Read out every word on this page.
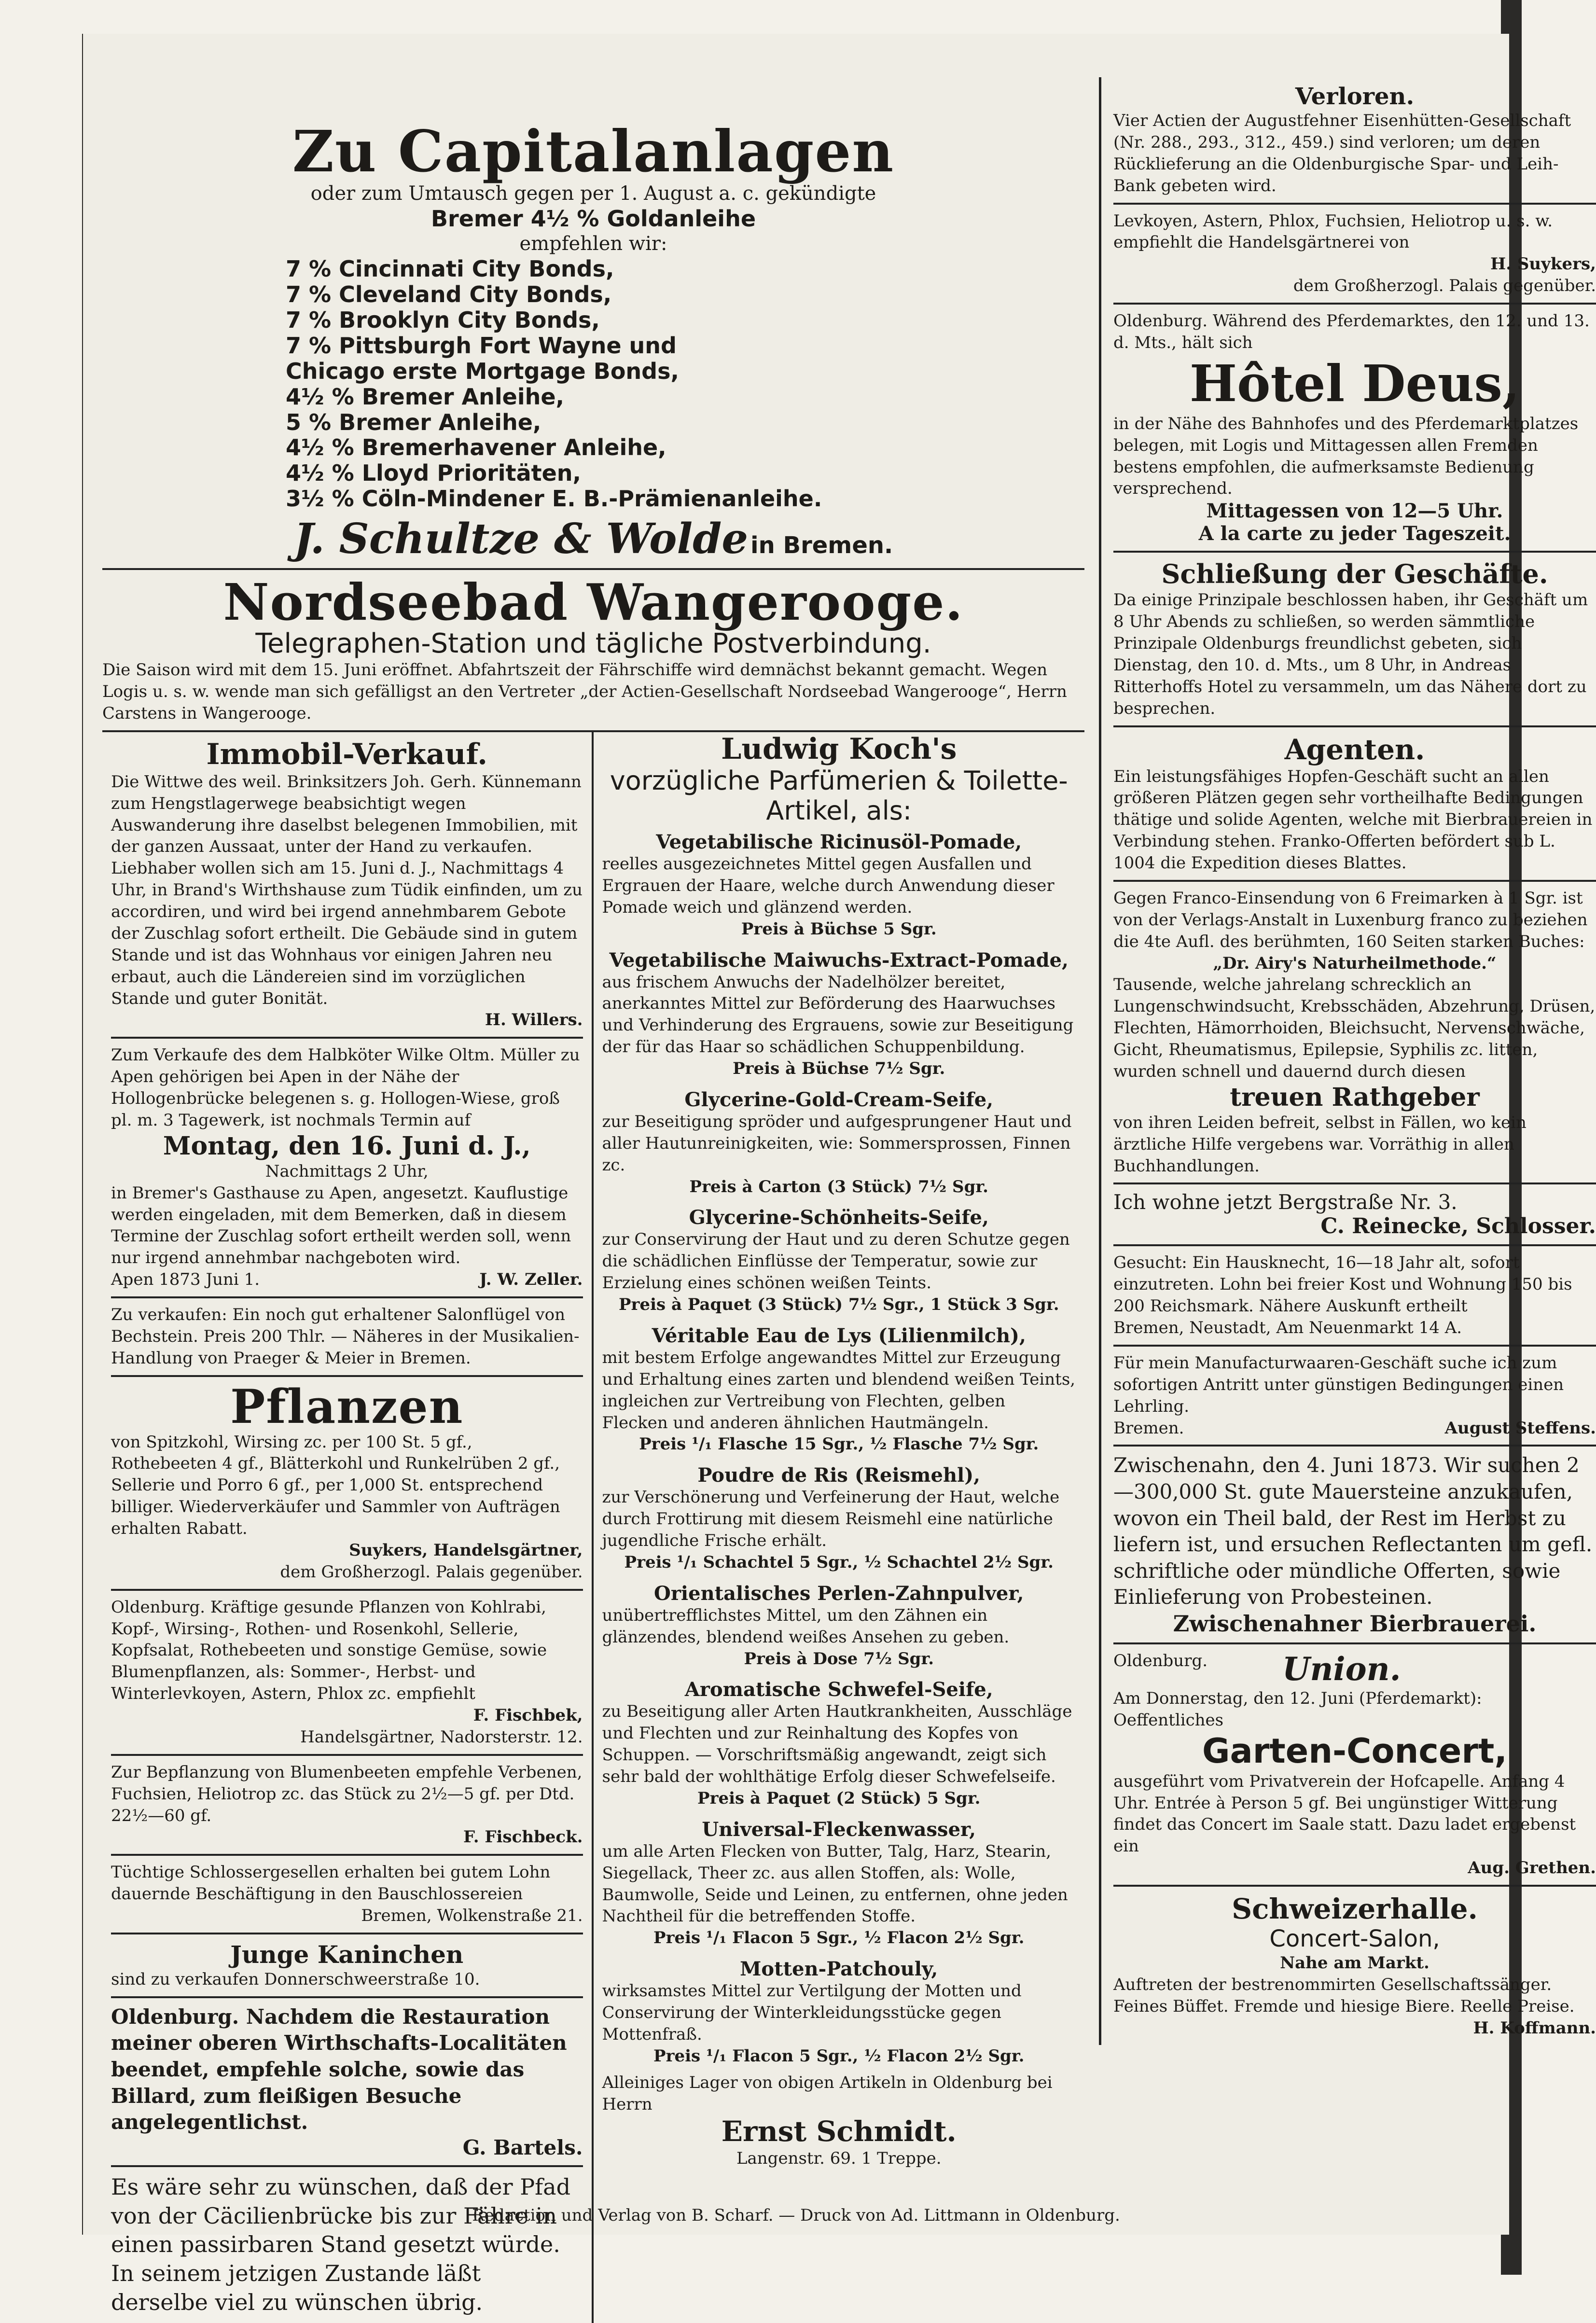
Zu Capitalanlagen
oder zum Umtausch gegen per 1. August a. c. gekündigte
Bremer 4½ % Goldanleihe
empfehlen wir:
7 % Cincinnati City Bonds,
7 % Cleveland City Bonds,
7 % Brooklyn City Bonds,
7 % Pittsburgh Fort Wayne und
Chicago erste Mortgage Bonds,
4½ % Bremer Anleihe,
5 % Bremer Anleihe,
4½ % Bremerhavener Anleihe,
4½ % Lloyd Prioritäten,
3½ % Cöln-Mindener E. B.-Prämienanleihe.
J. Schultze & Wolde in Bremen.
Nordseebad Wangerooge.
Telegraphen-Station und tägliche Postverbindung.
Die Saison wird mit dem 15. Juni eröffnet. Abfahrtszeit der Fährschiffe wird demnächst bekannt gemacht. Wegen Logis u. s. w. wende man sich gefälligst an den Vertreter „der Actien-Gesellschaft Nordseebad Wangerooge“, Herrn Carstens in Wangerooge.
Immobil-Verkauf.
Die Wittwe des weil. Brinksitzers Joh. Gerh. Künnemann zum Hengstlagerwege beabsichtigt wegen Auswanderung ihre daselbst belegenen Immobilien, mit der ganzen Aussaat, unter der Hand zu verkaufen. Liebhaber wollen sich am 15. Juni d. J., Nachmittags 4 Uhr, in Brand's Wirthshause zum Tüdik einfinden, um zu accordiren, und wird bei irgend annehmbarem Gebote der Zuschlag sofort ertheilt. Die Gebäude sind in gutem Stande und ist das Wohnhaus vor einigen Jahren neu erbaut, auch die Ländereien sind im vorzüglichen Stande und guter Bonität.
H. Willers.
Zum Verkaufe des dem Halbköter Wilke Oltm. Müller zu Apen gehörigen bei Apen in der Nähe der Hollogenbrücke belegenen s. g. Hollogen-Wiese, groß pl. m. 3 Tagewerk, ist nochmals Termin auf
Montag, den 16. Juni d. J.,
Nachmittags 2 Uhr,
in Bremer's Gasthause zu Apen, angesetzt. Kauflustige werden eingeladen, mit dem Bemerken, daß in diesem Termine der Zuschlag sofort ertheilt werden soll, wenn nur irgend annehmbar nachgeboten wird.
Apen 1873 Juni 1.	J. W. Zeller.
Zu verkaufen: Ein noch gut erhaltener Salonflügel von Bechstein. Preis 200 Thlr. — Näheres in der Musikalien-Handlung von Praeger & Meier in Bremen.
Pflanzen
von Spitzkohl, Wirsing zc. per 100 St. 5 gf., Rothebeeten 4 gf., Blätterkohl und Runkelrüben 2 gf., Sellerie und Porro 6 gf., per 1,000 St. entsprechend billiger. Wiederverkäufer und Sammler von Aufträgen erhalten Rabatt.
Suykers, Handelsgärtner,
dem Großherzogl. Palais gegenüber.
Oldenburg. Kräftige gesunde Pflanzen von Kohlrabi, Kopf-, Wirsing-, Rothen- und Rosenkohl, Sellerie, Kopfsalat, Rothebeeten und sonstige Gemüse, sowie Blumenpflanzen, als: Sommer-, Herbst- und Winterlevkoyen, Astern, Phlox zc. empfiehlt
F. Fischbek,
Handelsgärtner, Nadorsterstr. 12.
Zur Bepflanzung von Blumenbeeten empfehle Verbenen, Fuchsien, Heliotrop zc. das Stück zu 2½—5 gf. per Dtd. 22½—60 gf.
F. Fischbeck.
Tüchtige Schlossergesellen erhalten bei gutem Lohn dauernde Beschäftigung in den Bauschlossereien
Bremen, Wolkenstraße 21.
Junge Kaninchen
sind zu verkaufen Donnerschweerstraße 10.
Oldenburg. Nachdem die Restauration meiner oberen Wirthschafts-Localitäten beendet, empfehle solche, sowie das Billard, zum fleißigen Besuche angelegentlichst.
G. Bartels.
Es wäre sehr zu wünschen, daß der Pfad von der Cäcilienbrücke bis zur Fähre in einen passirbaren Stand gesetzt würde. In seinem jetzigen Zustande läßt derselbe viel zu wünschen übrig.
Ludwig Koch's
vorzügliche Parfümerien & Toilette-Artikel, als:
Vegetabilische Ricinusöl-Pomade,
reelles ausgezeichnetes Mittel gegen Ausfallen und Ergrauen der Haare, welche durch Anwendung dieser Pomade weich und glänzend werden.
Preis à Büchse 5 Sgr.
Vegetabilische Maiwuchs-Extract-Pomade,
aus frischem Anwuchs der Nadelhölzer bereitet, anerkanntes Mittel zur Beförderung des Haarwuchses und Verhinderung des Ergrauens, sowie zur Beseitigung der für das Haar so schädlichen Schuppenbildung.
Preis à Büchse 7½ Sgr.
Glycerine-Gold-Cream-Seife,
zur Beseitigung spröder und aufgesprungener Haut und aller Hautunreinigkeiten, wie: Sommersprossen, Finnen zc.
Preis à Carton (3 Stück) 7½ Sgr.
Glycerine-Schönheits-Seife,
zur Conservirung der Haut und zu deren Schutze gegen die schädlichen Einflüsse der Temperatur, sowie zur Erzielung eines schönen weißen Teints.
Preis à Paquet (3 Stück) 7½ Sgr., 1 Stück 3 Sgr.
Véritable Eau de Lys (Lilienmilch),
mit bestem Erfolge angewandtes Mittel zur Erzeugung und Erhaltung eines zarten und blendend weißen Teints, ingleichen zur Vertreibung von Flechten, gelben Flecken und anderen ähnlichen Hautmängeln.
Preis ¹/₁ Flasche 15 Sgr., ½ Flasche 7½ Sgr.
Poudre de Ris (Reismehl),
zur Verschönerung und Verfeinerung der Haut, welche durch Frottirung mit diesem Reismehl eine natürliche jugendliche Frische erhält.
Preis ¹/₁ Schachtel 5 Sgr., ½ Schachtel 2½ Sgr.
Orientalisches Perlen-Zahnpulver,
unübertrefflichstes Mittel, um den Zähnen ein glänzendes, blendend weißes Ansehen zu geben.
Preis à Dose 7½ Sgr.
Aromatische Schwefel-Seife,
zu Beseitigung aller Arten Hautkrankheiten, Ausschläge und Flechten und zur Reinhaltung des Kopfes von Schuppen. — Vorschriftsmäßig angewandt, zeigt sich sehr bald der wohlthätige Erfolg dieser Schwefelseife.
Preis à Paquet (2 Stück) 5 Sgr.
Universal-Fleckenwasser,
um alle Arten Flecken von Butter, Talg, Harz, Stearin, Siegellack, Theer zc. aus allen Stoffen, als: Wolle, Baumwolle, Seide und Leinen, zu entfernen, ohne jeden Nachtheil für die betreffenden Stoffe.
Preis ¹/₁ Flacon 5 Sgr., ½ Flacon 2½ Sgr.
Motten-Patchouly,
wirksamstes Mittel zur Vertilgung der Motten und Conservirung der Winterkleidungsstücke gegen Mottenfraß.
Preis ¹/₁ Flacon 5 Sgr., ½ Flacon 2½ Sgr.
Alleiniges Lager von obigen Artikeln in Oldenburg bei Herrn
Ernst Schmidt.
Langenstr. 69. 1 Treppe.
Verloren.
Vier Actien der Augustfehner Eisenhütten-Gesellschaft (Nr. 288., 293., 312., 459.) sind verloren; um deren Rücklieferung an die Oldenburgische Spar- und Leih-Bank gebeten wird.
Levkoyen, Astern, Phlox, Fuchsien, Heliotrop u. s. w. empfiehlt die Handelsgärtnerei von
H. Suykers,
dem Großherzogl. Palais gegenüber.
Oldenburg. Während des Pferdemarktes, den 12. und 13. d. Mts., hält sich
Hôtel Deus,
in der Nähe des Bahnhofes und des Pferdemarktplatzes belegen, mit Logis und Mittagessen allen Fremden bestens empfohlen, die aufmerksamste Bedienung versprechend.
Mittagessen von 12—5 Uhr.
A la carte zu jeder Tageszeit.
Schließung der Geschäfte.
Da einige Prinzipale beschlossen haben, ihr Geschäft um 8 Uhr Abends zu schließen, so werden sämmtliche Prinzipale Oldenburgs freundlichst gebeten, sich Dienstag, den 10. d. Mts., um 8 Uhr, in Andreas Ritterhoffs Hotel zu versammeln, um das Nähere dort zu besprechen.
Agenten.
Ein leistungsfähiges Hopfen-Geschäft sucht an allen größeren Plätzen gegen sehr vortheilhafte Bedingungen thätige und solide Agenten, welche mit Bierbrauereien in Verbindung stehen. Franko-Offerten befördert sub L. 1004 die Expedition dieses Blattes.
Gegen Franco-Einsendung von 6 Freimarken à 1 Sgr. ist von der Verlags-Anstalt in Luxenburg franco zu beziehen die 4te Aufl. des berühmten, 160 Seiten starken Buches:
„Dr. Airy's Naturheilmethode.“
Tausende, welche jahrelang schrecklich an Lungenschwindsucht, Krebsschäden, Abzehrung, Drüsen, Flechten, Hämorrhoiden, Bleichsucht, Nervenschwäche, Gicht, Rheumatismus, Epilepsie, Syphilis zc. litten, wurden schnell und dauernd durch diesen
treuen Rathgeber
von ihren Leiden befreit, selbst in Fällen, wo kein ärztliche Hilfe vergebens war. Vorräthig in allen Buchhandlungen.
Ich wohne jetzt Bergstraße Nr. 3.
C. Reinecke, Schlosser.
Gesucht: Ein Hausknecht, 16—18 Jahr alt, sofort einzutreten. Lohn bei freier Kost und Wohnung 150 bis 200 Reichsmark. Nähere Auskunft ertheilt
Bremen, Neustadt, Am Neuenmarkt 14 A.
Für mein Manufacturwaaren-Geschäft suche ich zum sofortigen Antritt unter günstigen Bedingungen einen Lehrling.
Bremen.	August Steffens.
Zwischenahn, den 4. Juni 1873. Wir suchen 2—300,000 St. gute Mauersteine anzukaufen, wovon ein Theil bald, der Rest im Herbst zu liefern ist, und ersuchen Reflectanten um gefl. schriftliche oder mündliche Offerten, sowie Einlieferung von Probesteinen.
Zwischenahner Bierbrauerei.
Oldenburg.	Union.
Am Donnerstag, den 12. Juni (Pferdemarkt): Oeffentliches
Garten-Concert,
ausgeführt vom Privatverein der Hofcapelle. Anfang 4 Uhr. Entrée à Person 5 gf. Bei ungünstiger Witterung findet das Concert im Saale statt. Dazu ladet ergebenst ein
Aug. Grethen.
Schweizerhalle.
Concert-Salon,
Nahe am Markt.
Auftreten der bestrenommirten Gesellschaftssänger. Feines Büffet. Fremde und hiesige Biere. Reelle Preise.
H. Koffmann.
Redaction und Verlag von B. Scharf. — Druck von Ad. Littmann in Oldenburg.
